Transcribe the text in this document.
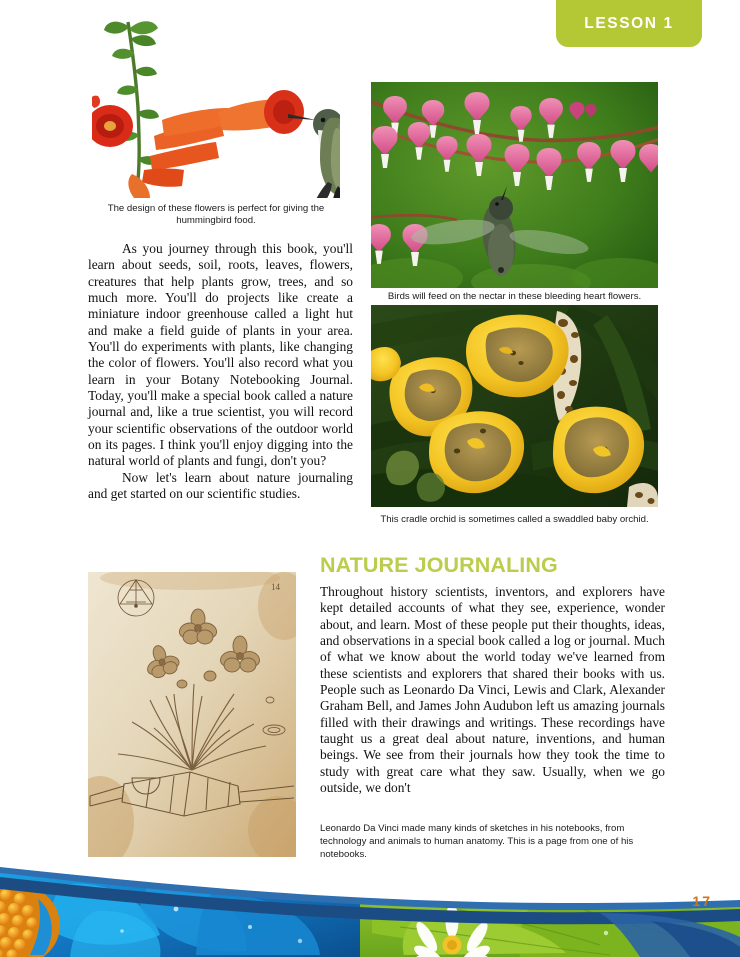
LESSON 1
The design of these flowers is perfect for giving the hummingbird food.
Birds will feed on the nectar in these bleeding heart flowers.
This cradle orchid is sometimes called a swaddled baby orchid.

As you journey through this book, you'll learn about seeds, soil, roots, leaves, flowers, creatures that help plants grow, trees, and so much more. You'll do projects like create a miniature indoor greenhouse called a light hut and make a field guide of plants in your area. You'll do experiments with plants, like changing the color of flowers. You'll also record what you learn in your Botany Notebooking Journal. Today, you'll make a special book called a nature journal and, like a true scientist, you will record your scientific observations of the outdoor world on its pages. I think you'll enjoy digging into the natural world of plants and fungi, don't you?

Now let's learn about nature journaling and get started on our scientific studies.

NATURE JOURNALING

Throughout history scientists, inventors, and explorers have kept detailed accounts of what they see, experience, wonder about, and learn. Most of these people put their thoughts, ideas, and observations in a special book called a log or journal. Much of what we know about the world today we've learned from these scientists and explorers that shared their books with us. People such as Leonardo Da Vinci, Lewis and Clark, Alexander Graham Bell, and James John Audubon left us amazing journals filled with their drawings and writings. These recordings have taught us a great deal about nature, inventions, and human beings. We see from their journals how they took the time to study with great care what they saw. Usually, when we go outside, we don't

14
Leonardo Da Vinci made many kinds of sketches in his notebooks, from technology and animals to human anatomy. This is a page from one of his notebooks.
17
